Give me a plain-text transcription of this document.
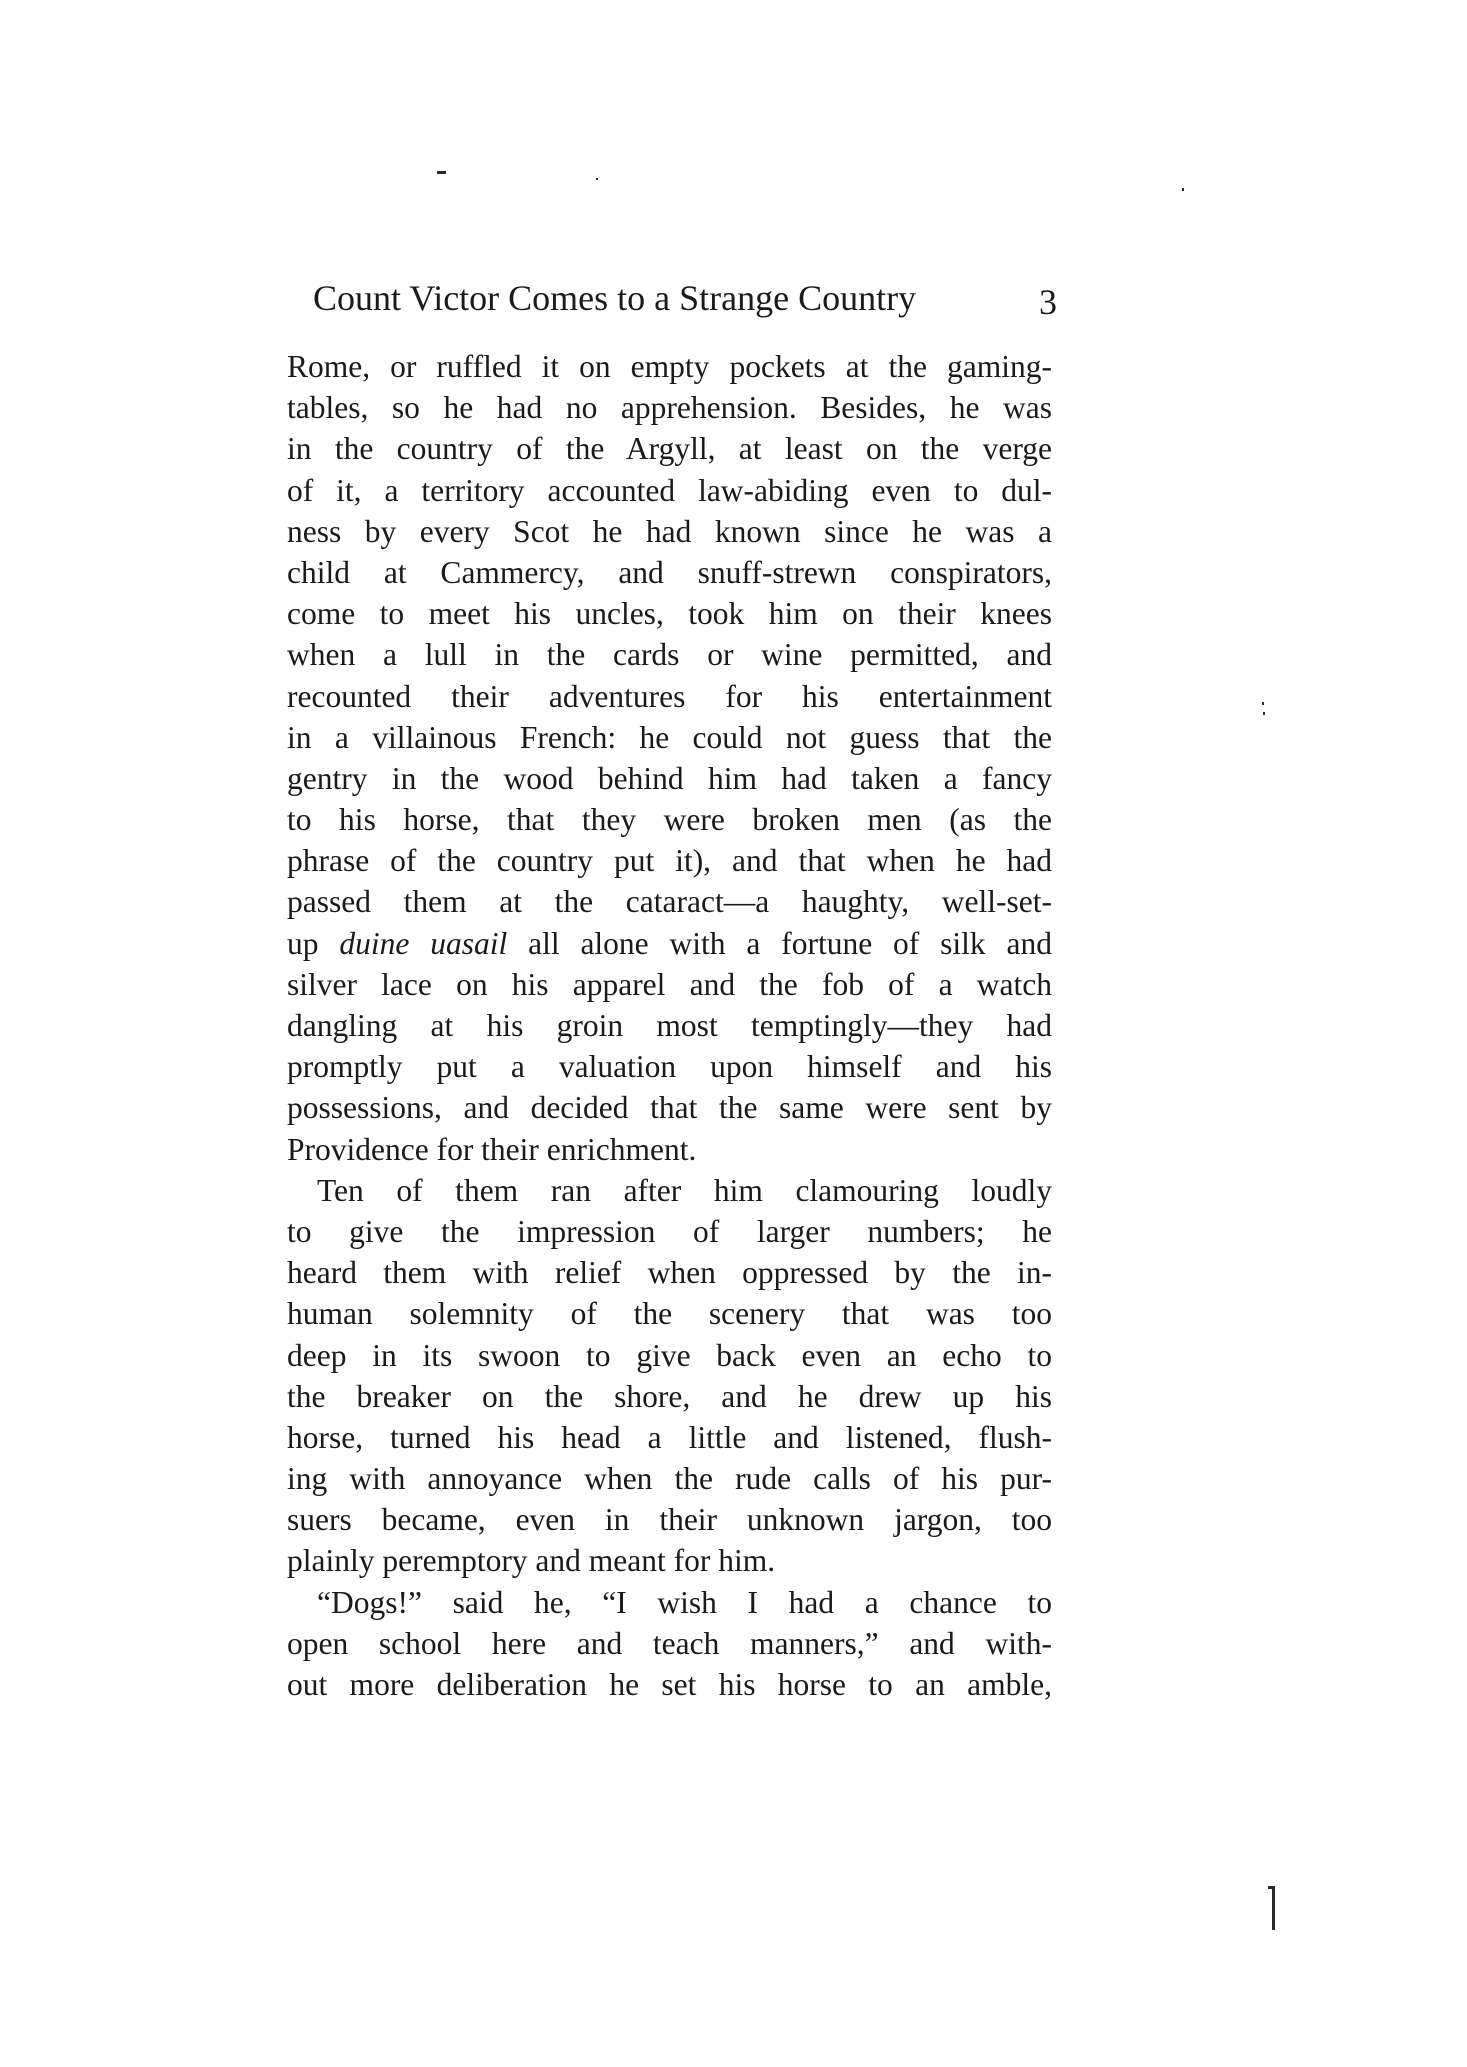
Count Victor Comes to a Strange Country	3
Rome, or ruffled it on empty pockets at the gaming-
tables, so he had no apprehension. Besides, he was
in the country of the Argyll, at least on the verge
of it, a territory accounted law-abiding even to dul-
ness by every Scot he had known since he was a
child at Cammercy, and snuff-strewn conspirators,
come to meet his uncles, took him on their knees
when a lull in the cards or wine permitted, and
recounted their adventures for his entertainment
in a villainous French: he could not guess that the
gentry in the wood behind him had taken a fancy
to his horse, that they were broken men (as the
phrase of the country put it), and that when he had
passed them at the cataract—a haughty, well-set-
up duine uasail all alone with a fortune of silk and
silver lace on his apparel and the fob of a watch
dangling at his groin most temptingly—they had
promptly put a valuation upon himself and his
possessions, and decided that the same were sent by
Providence for their enrichment.
Ten of them ran after him clamouring loudly
to give the impression of larger numbers; he
heard them with relief when oppressed by the in-
human solemnity of the scenery that was too
deep in its swoon to give back even an echo to
the breaker on the shore, and he drew up his
horse, turned his head a little and listened, flush-
ing with annoyance when the rude calls of his pur-
suers became, even in their unknown jargon, too
plainly peremptory and meant for him.
“Dogs!” said he, “I wish I had a chance to
open school here and teach manners,” and with-
out more deliberation he set his horse to an amble,
